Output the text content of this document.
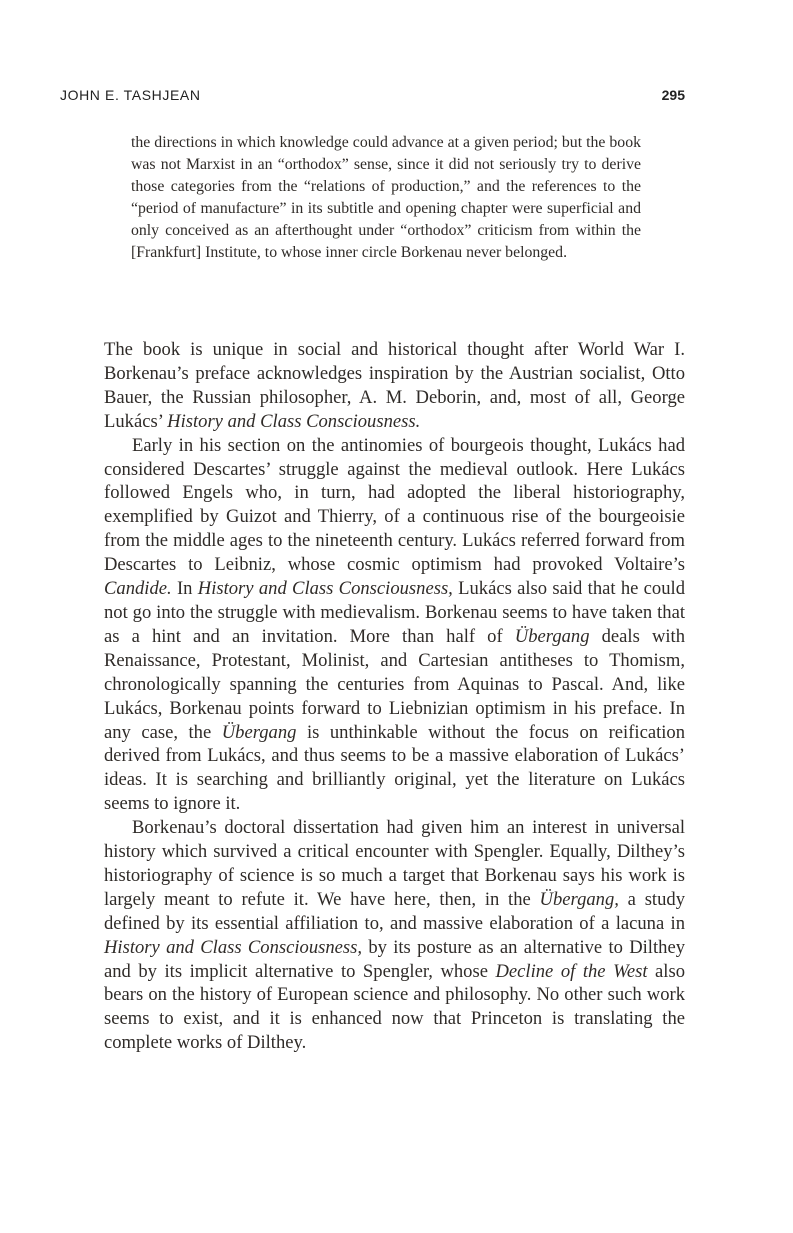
JOHN E. TASHJEAN	295

the directions in which knowledge could advance at a given period; but the book was not Marxist in an “orthodox” sense, since it did not seriously try to derive those categories from the “relations of production,” and the references to the “period of manufacture” in its subtitle and opening chapter were superficial and only conceived as an afterthought under “orthodox” criticism from within the [Frankfurt] Institute, to whose inner circle Borkenau never belonged.

The book is unique in social and historical thought after World War I. Borkenau’s preface acknowledges inspiration by the Austrian socialist, Otto Bauer, the Russian philosopher, A. M. Deborin, and, most of all, George Lukács’ History and Class Consciousness.

Early in his section on the antinomies of bourgeois thought, Lukács had considered Descartes’ struggle against the medieval outlook. Here Lukács followed Engels who, in turn, had adopted the liberal historiography, exemplified by Guizot and Thierry, of a continuous rise of the bourgeoisie from the middle ages to the nineteenth century. Lukács referred forward from Descartes to Leibniz, whose cosmic optimism had provoked Voltaire’s Candide. In History and Class Consciousness, Lukács also said that he could not go into the struggle with medievalism. Borkenau seems to have taken that as a hint and an invitation. More than half of Übergang deals with Renaissance, Protestant, Molinist, and Cartesian antitheses to Thomism, chronologically spanning the centuries from Aquinas to Pascal. And, like Lukács, Borkenau points forward to Liebnizian optimism in his preface. In any case, the Übergang is unthinkable without the focus on reification derived from Lukács, and thus seems to be a massive elaboration of Lukács’ ideas. It is searching and brilliantly original, yet the literature on Lukács seems to ignore it.

Borkenau’s doctoral dissertation had given him an interest in universal history which survived a critical encounter with Spengler. Equally, Dilthey’s historiography of science is so much a target that Borkenau says his work is largely meant to refute it. We have here, then, in the Übergang, a study defined by its essential affiliation to, and massive elaboration of a lacuna in History and Class Consciousness, by its posture as an alternative to Dilthey and by its implicit alternative to Spengler, whose Decline of the West also bears on the history of European science and philosophy. No other such work seems to exist, and it is enhanced now that Princeton is translating the complete works of Dilthey.
